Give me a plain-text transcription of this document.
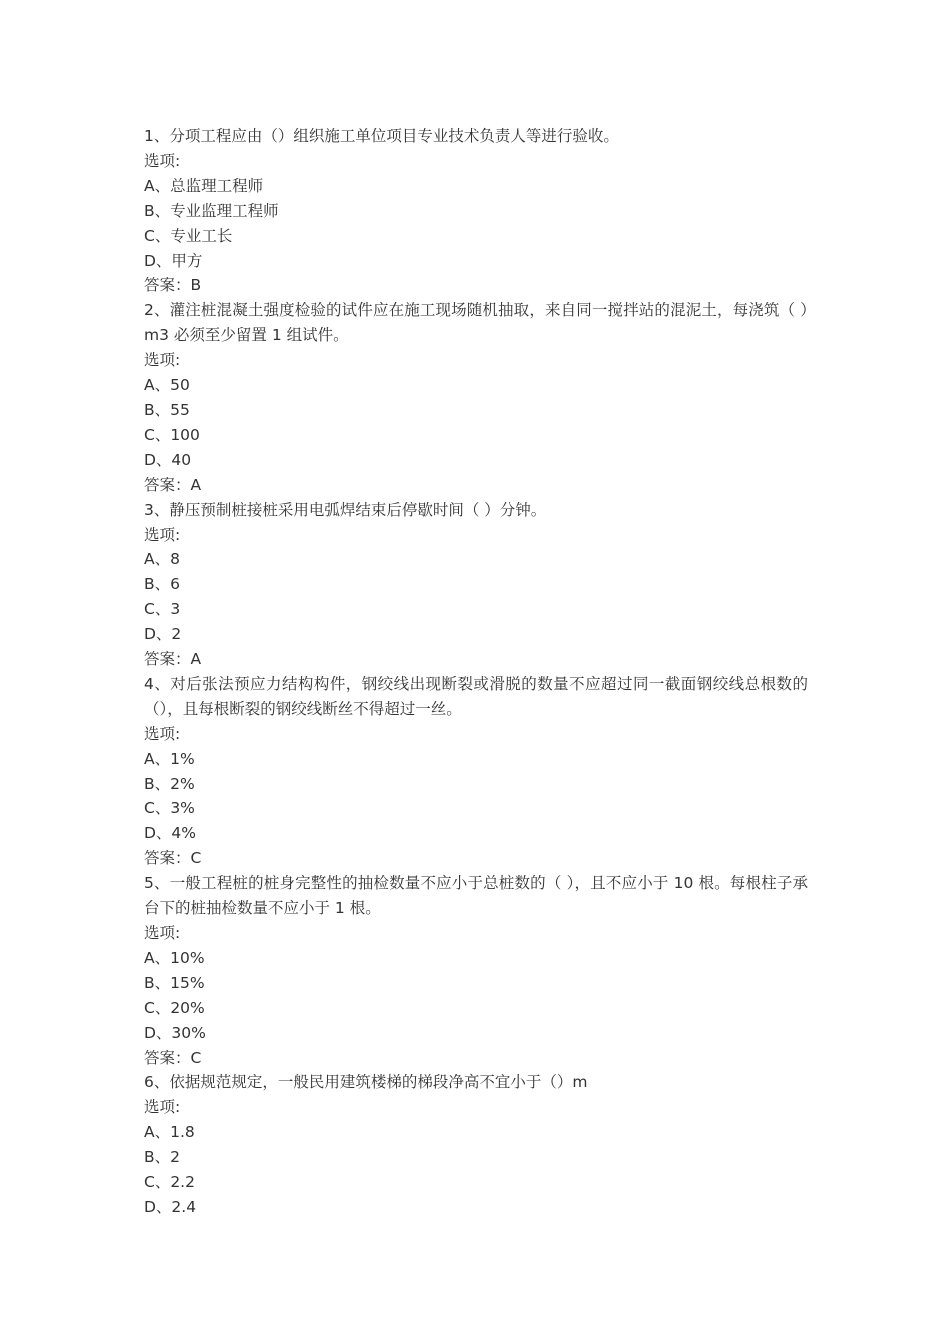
1、分项工程应由（）组织施工单位项目专业技术负责人等进行验收。

选项:

A、总监理工程师

B、专业监理工程师

C、专业工长

D、甲方

答案：B

2、灌注桩混凝土强度检验的试件应在施工现场随机抽取，来自同一搅拌站的混泥土，每浇筑（ ）m3 必须至少留置 1 组试件。

选项:

A、50

B、55

C、100

D、40

答案：A

3、静压预制桩接桩采用电弧焊结束后停歇时间（ ）分钟。

选项:

A、8

B、6

C、3

D、2

答案：A

4、对后张法预应力结构构件，钢绞线出现断裂或滑脱的数量不应超过同一截面钢绞线总根数的（），且每根断裂的钢绞线断丝不得超过一丝。

选项:

A、1%

B、2%

C、3%

D、4%

答案：C

5、一般工程桩的桩身完整性的抽检数量不应小于总桩数的（ ），且不应小于 10 根。每根柱子承台下的桩抽检数量不应小于 1 根。

选项:

A、10%

B、15%

C、20%

D、30%

答案：C

6、依据规范规定，一般民用建筑楼梯的梯段净高不宜小于（）m

选项:

A、1.8

B、2

C、2.2

D、2.4
